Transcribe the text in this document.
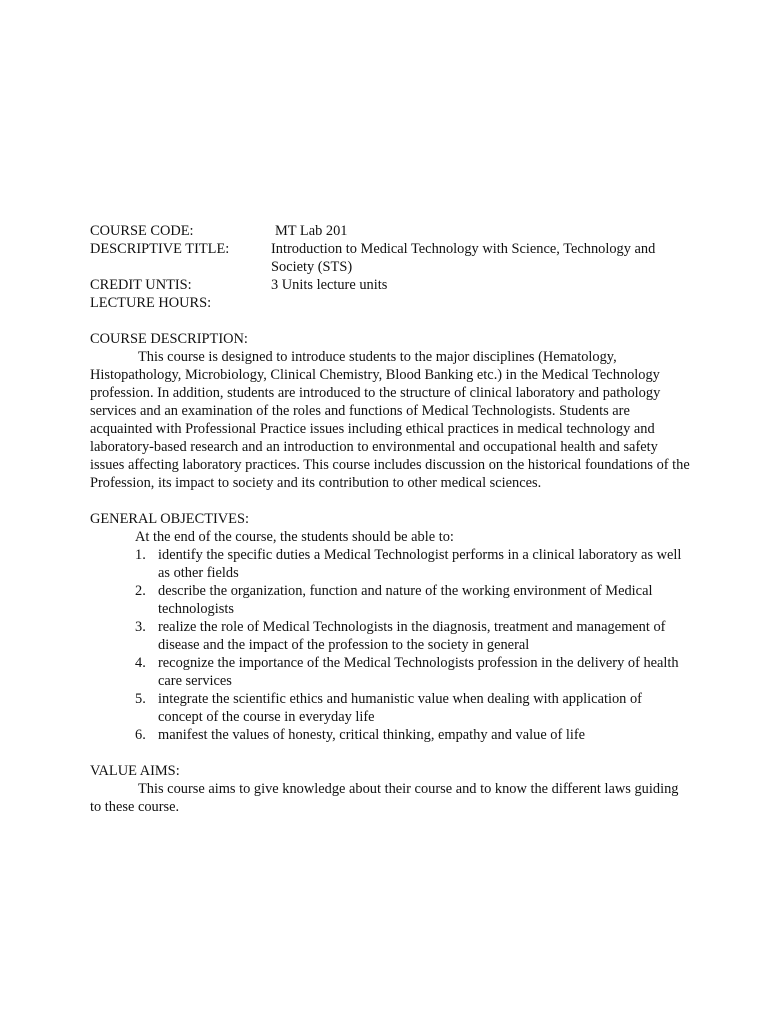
COURSE CODE:	MT Lab 201
DESCRIPTIVE TITLE:	Introduction to Medical Technology with Science, Technology and Society (STS)
CREDIT UNTIS:	3 Units lecture units
LECTURE HOURS:
COURSE DESCRIPTION:

This course is designed to introduce students to the major disciplines (Hematology, Histopathology, Microbiology, Clinical Chemistry, Blood Banking etc.) in the Medical Technology profession. In addition, students are introduced to the structure of clinical laboratory and pathology services and an examination of the roles and functions of Medical Technologists. Students are acquainted with Professional Practice issues including ethical practices in medical technology and laboratory-based research and an introduction to environmental and occupational health and safety issues affecting laboratory practices. This course includes discussion on the historical foundations of the Profession, its impact to society and its contribution to other medical sciences.

GENERAL OBJECTIVES:
At the end of the course, the students should be able to:
1. identify the specific duties a Medical Technologist performs in a clinical laboratory as well as other fields
2. describe the organization, function and nature of the working environment of Medical technologists
3. realize the role of Medical Technologists in the diagnosis, treatment and management of disease and the impact of the profession to the society in general
4. recognize the importance of the Medical Technologists profession in the delivery of health care services
5. integrate the scientific ethics and humanistic value when dealing with application of concept of the course in everyday life
6. manifest the values of honesty, critical thinking, empathy and value of life
VALUE AIMS:

This course aims to give knowledge about their course and to know the different laws guiding to these course.
